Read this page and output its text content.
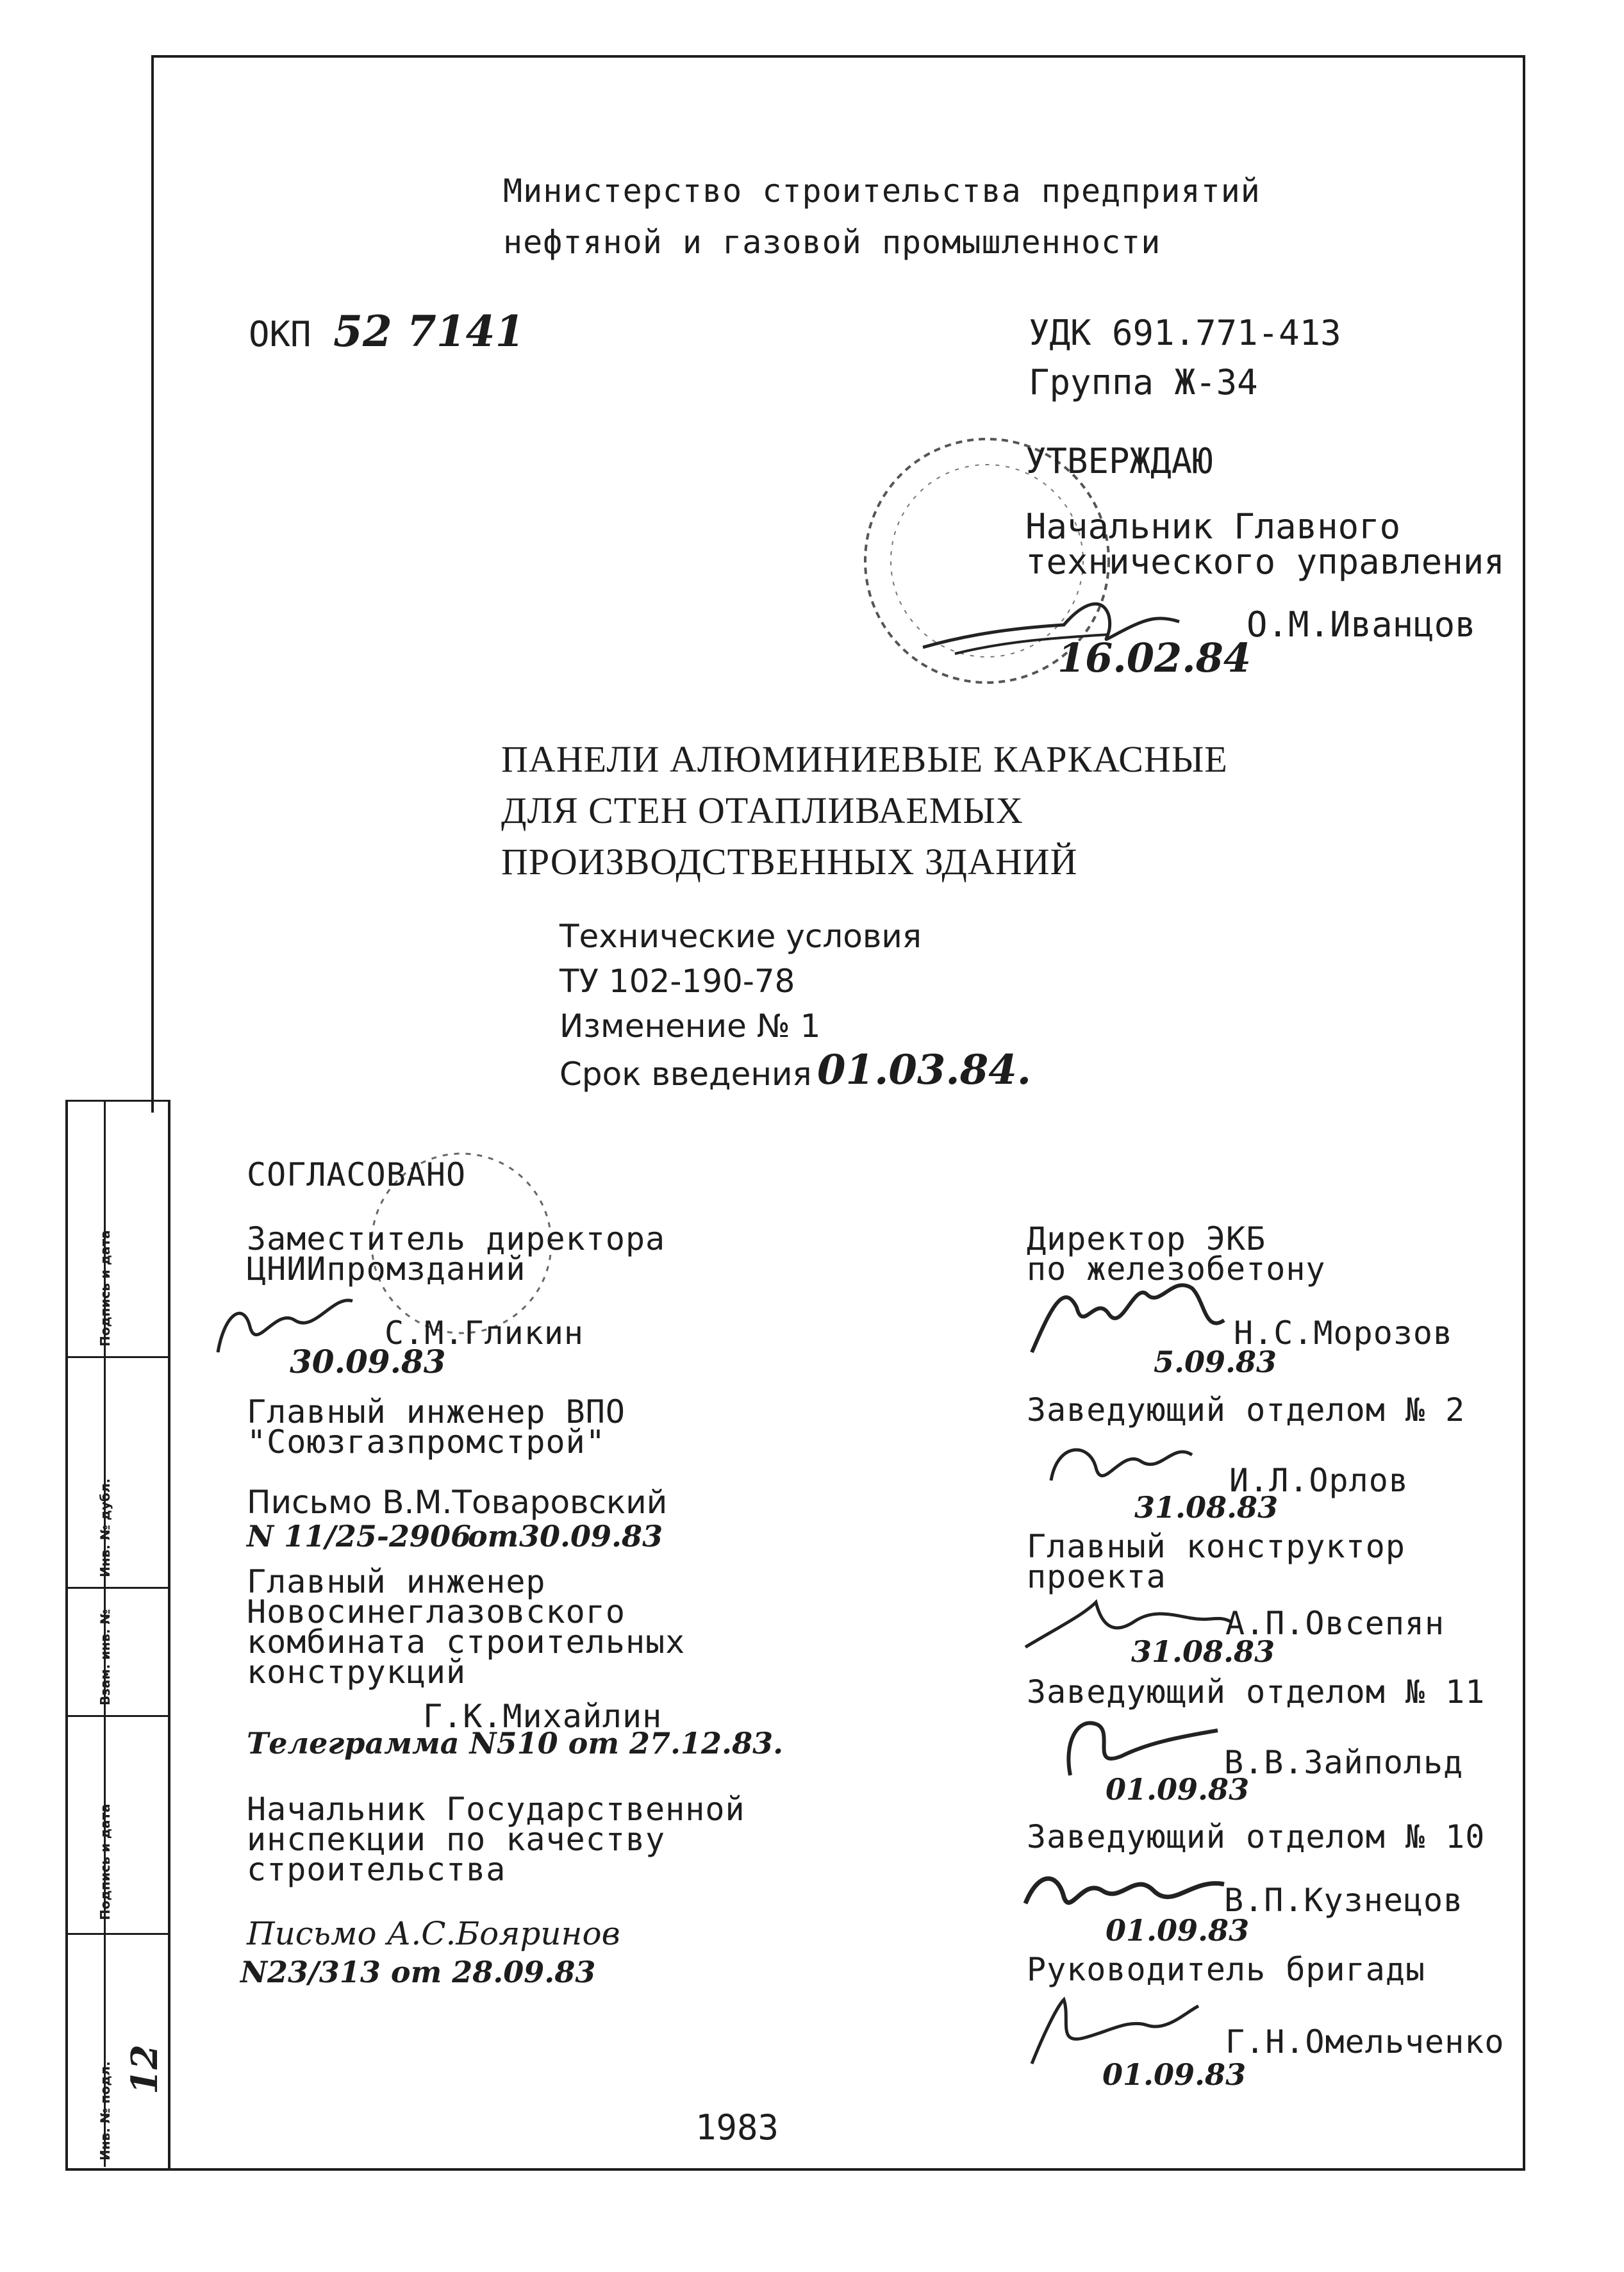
Инв. № подл.
Подпись и дата
Взам. инв. №
Инв. № дубл.
Подпись и дата
12
Министерство строительства предприятий
нефтяной и газовой промышленности
ОКП 52 7141	УДК 691.771-413
Группа Ж-34
УТВЕРЖДАЮ
Начальник Главного
технического управления
16.02.84
О.М.Иванцов
ПАНЕЛИ АЛЮМИНИЕВЫЕ КАРКАСНЫЕ
ДЛЯ СТЕН ОТАПЛИВАЕМЫХ
ПРОИЗВОДСТВЕННЫХ ЗДАНИЙ
Технические условия
ТУ 102-190-78
Изменение № 1
Срок введения 01.03.84.
СОГЛАСОВАНО
Заместитель директора
ЦНИИпромзданий
С.М.Гликин
30.09.83
Главный инженер ВПО
"Союзгазпромстрой"
Письмо В.М.Товаровский
N 11/25-2906
от 30.09.83
Главный инженер
Новосинеглазовского
комбината строительных
конструкций
Г.К.Михайлин
Телеграмма N510 от 27.12.83.
Начальник Государственной
инспекции по качеству
строительства
Письмо А.С.Бояринов
N23/313 от 28.09.83
Директор ЭКБ
по железобетону
Н.С.Морозов
5.09.83
Заведующий отделом № 2
И.Л.Орлов
31.08.83
Главный конструктор
проекта
А.П.Овсепян
31.08.83
Заведующий отделом № 11
В.В.Зайпольд
01.09.83
Заведующий отделом № 10
В.П.Кузнецов
01.09.83
Руководитель бригады
Г.Н.Омельченко
01.09.83
1983
